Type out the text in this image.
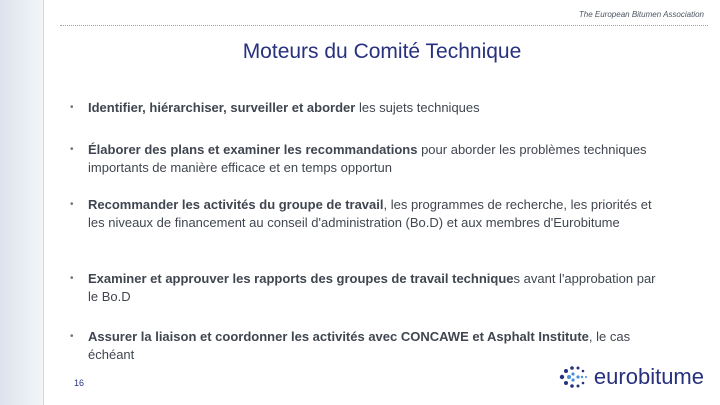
The European Bitumen Association
Moteurs du Comité Technique
• Identifier, hiérarchiser, surveiller et aborder les sujets techniques
• Élaborer des plans et examiner les recommandations pour aborder les problèmes techniques importants de manière efficace et en temps opportun
• Recommander les activités du groupe de travail, les programmes de recherche, les priorités et les niveaux de financement au conseil d'administration (Bo.D) et aux membres d'Eurobitume
• Examiner et approuver les rapports des groupes de travail techniques avant l'approbation par le Bo.D
• Assurer la liaison et coordonner les activités avec CONCAWE et Asphalt Institute, le cas échéant
16	eurobitume
